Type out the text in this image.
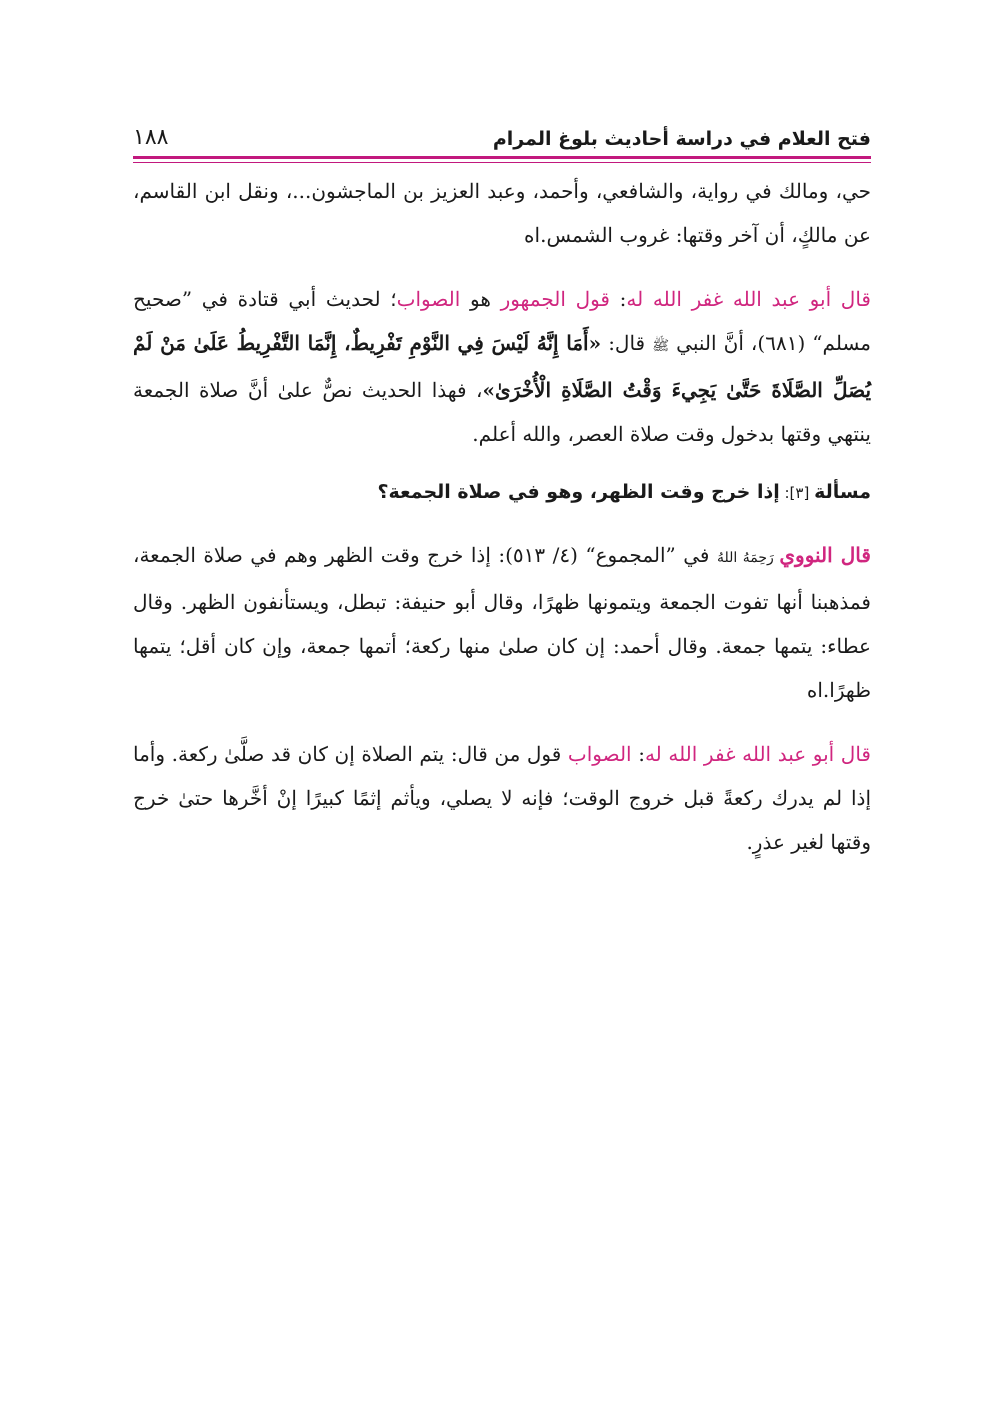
فتح العلام في دراسة أحاديث بلوغ المرام
١٨٨

حي، ومالك في رواية، والشافعي، وأحمد، وعبد العزيز بن الماجشون...، ونقل ابن القاسم، عن مالكٍ، أن آخر وقتها: غروب الشمس.اه

قال أبو عبد الله غفر الله له: قول الجمهور هو الصواب؛ لحديث أبي قتادة في ”صحيح مسلم“ (٦٨١)، أنَّ النبي ﷺ قال: «أَمَا إِنَّهُ لَيْسَ فِي النَّوْمِ تَفْرِيطٌ، إِنَّمَا التَّفْرِيطُ عَلَىٰ مَنْ لَمْ يُصَلِّ الصَّلَاةَ حَتَّىٰ يَجِيءَ وَقْتُ الصَّلَاةِ الْأُخْرَىٰ»، فهذا الحديث نصٌّ علىٰ أنَّ صلاة الجمعة ينتهي وقتها بدخول وقت صلاة العصر، والله أعلم.

مسألة [٣]: إذا خرج وقت الظهر، وهو في صلاة الجمعة؟

قال النووي رَحِمَهُ اللهُ في ”المجموع“ (٤/ ٥١٣): إذا خرج وقت الظهر وهم في صلاة الجمعة، فمذهبنا أنها تفوت الجمعة ويتمونها ظهرًا، وقال أبو حنيفة: تبطل، ويستأنفون الظهر. وقال عطاء: يتمها جمعة. وقال أحمد: إن كان صلىٰ منها ركعة؛ أتمها جمعة، وإن كان أقل؛ يتمها ظهرًا.اه

قال أبو عبد الله غفر الله له: الصواب قول من قال: يتم الصلاة إن كان قد صلَّىٰ ركعة. وأما إذا لم يدرك ركعةً قبل خروج الوقت؛ فإنه لا يصلي، ويأثم إثمًا كبيرًا إنْ أخَّرها حتىٰ خرج وقتها لغير عذرٍ.
